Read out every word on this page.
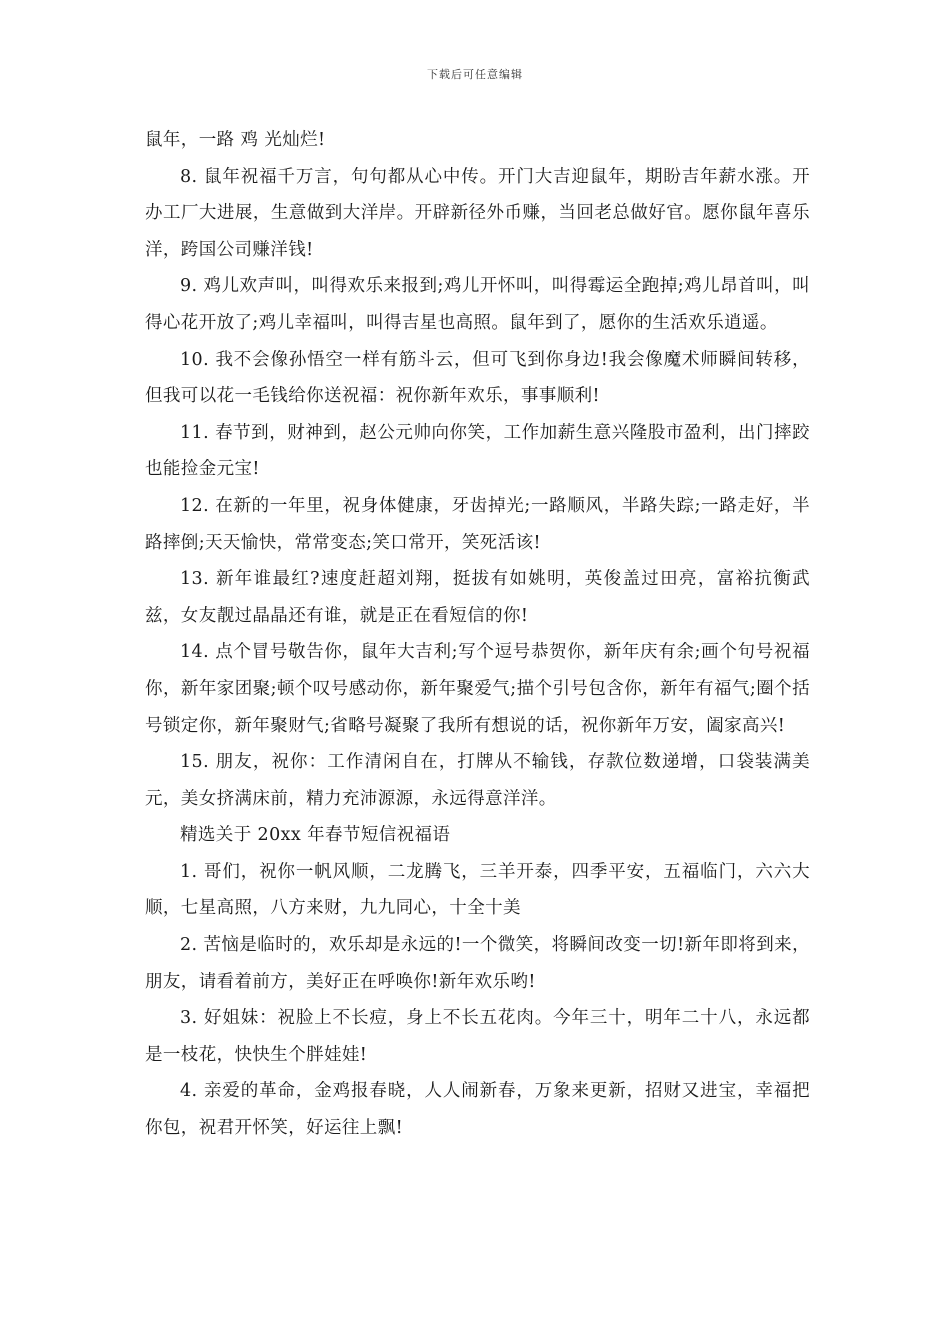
下载后可任意编辑

鼠年，一路 鸡 光灿烂!

8. 鼠年祝福千万言，句句都从心中传。开门大吉迎鼠年，期盼吉年薪水涨。开办工厂大进展，生意做到大洋岸。开辟新径外币赚，当回老总做好官。愿你鼠年喜乐洋，跨国公司赚洋钱!

9. 鸡儿欢声叫，叫得欢乐来报到;鸡儿开怀叫，叫得霉运全跑掉;鸡儿昂首叫，叫得心花开放了;鸡儿幸福叫，叫得吉星也高照。鼠年到了，愿你的生活欢乐逍遥。

10. 我不会像孙悟空一样有筋斗云，但可飞到你身边!我会像魔术师瞬间转移，但我可以花一毛钱给你送祝福：祝你新年欢乐，事事顺利!

11. 春节到，财神到，赵公元帅向你笑，工作加薪生意兴隆股市盈利，出门摔跤也能捡金元宝!

12. 在新的一年里，祝身体健康，牙齿掉光;一路顺风，半路失踪;一路走好，半路摔倒;天天愉快，常常变态;笑口常开，笑死活该!

13. 新年谁最红?速度赶超刘翔，挺拔有如姚明，英俊盖过田亮，富裕抗衡武兹，女友靓过晶晶还有谁，就是正在看短信的你!

14. 点个冒号敬告你，鼠年大吉利;写个逗号恭贺你，新年庆有余;画个句号祝福你，新年家团聚;顿个叹号感动你，新年聚爱气;描个引号包含你，新年有福气;圈个括号锁定你，新年聚财气;省略号凝聚了我所有想说的话，祝你新年万安，阖家高兴!

15. 朋友，祝你：工作清闲自在，打牌从不输钱，存款位数递增，口袋装满美元，美女挤满床前，精力充沛源源，永远得意洋洋。

精选关于 20xx 年春节短信祝福语

1. 哥们，祝你一帆风顺，二龙腾飞，三羊开泰，四季平安，五福临门，六六大顺，七星高照，八方来财，九九同心，十全十美

2. 苦恼是临时的，欢乐却是永远的!一个微笑，将瞬间改变一切!新年即将到来，朋友，请看着前方，美好正在呼唤你!新年欢乐哟!

3. 好姐妹：祝脸上不长痘，身上不长五花肉。今年三十，明年二十八，永远都是一枝花，快快生个胖娃娃!

4. 亲爱的革命，金鸡报春晓，人人闹新春，万象来更新，招财又进宝，幸福把你包，祝君开怀笑，好运往上飘!
